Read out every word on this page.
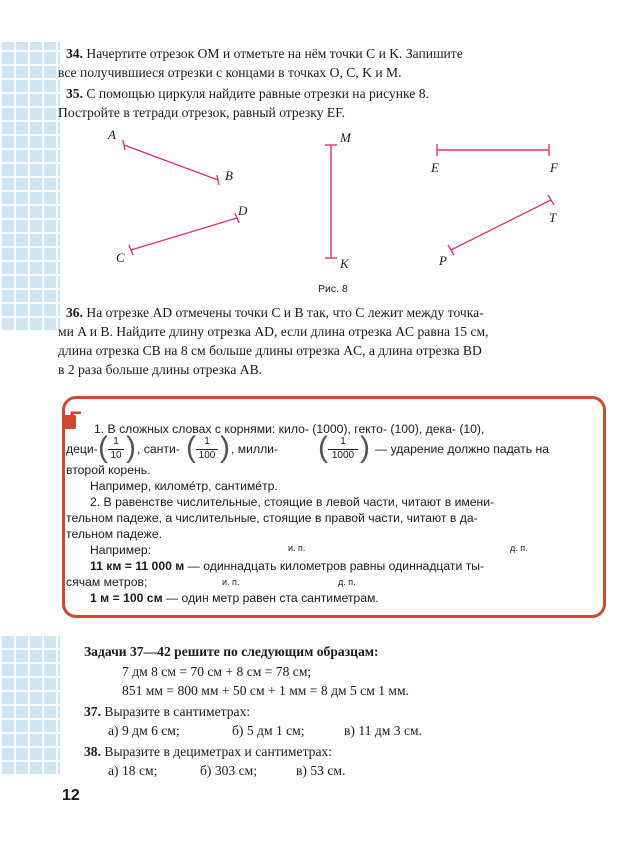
34. Начертите отрезок OM и отметьте на нём точки C и K. Запишите
все получившиеся отрезки с концами в точках O, C, K и M.
35. С помощью циркуля найдите равные отрезки на рисунке 8.
Постройте в тетради отрезок, равный отрезку EF.
A
B
M
K
E	F
C
D	T
P
Рис. 8
36. На отрезке AD отмечены точки C и B так, что C лежит между точка-
ми A и B. Найдите длину отрезка AD, если длина отрезка AC равна 15 см,
длина отрезка CB на 8 см больше длины отрезка AC, а длина отрезка BD
в 2 раза больше длины отрезка AB.
Г 1. В сложных словах с корнями: кило- (1000), гекто- (100), дека- (10),
деци- ( 1
10 ) , санти- ( 1
100 ) , милли- (	1
1000 ) — ударение должно падать на
второй корень.
Например, киломе́тр, сантиме́тр.
2. В равенстве числительные, стоящие в левой части, читают в имени-
тельном падеже, а числительные, стоящие в правой части, читают в да-
тельном падеже.
Например:	и. п.	д. п.
11 км = 11 000 м — одиннадцать километров равны одиннадцати ты-
сячам метров;	и. п.	д. п.
1 м = 100 см — один метр равен ста сантиметрам.
Задачи 37—42 решите по следующим образцам:
7 дм 8 см = 70 см + 8 см = 78 см;
851 мм = 800 мм + 50 см + 1 мм = 8 дм 5 см 1 мм.
37. Выразите в сантиметрах:
а) 9 дм 6 см;	б) 5 дм 1 см;	в) 11 дм 3 см.
38. Выразите в дециметрах и сантиметрах:
а) 18 см;	б) 303 см;	в) 53 см.
12
